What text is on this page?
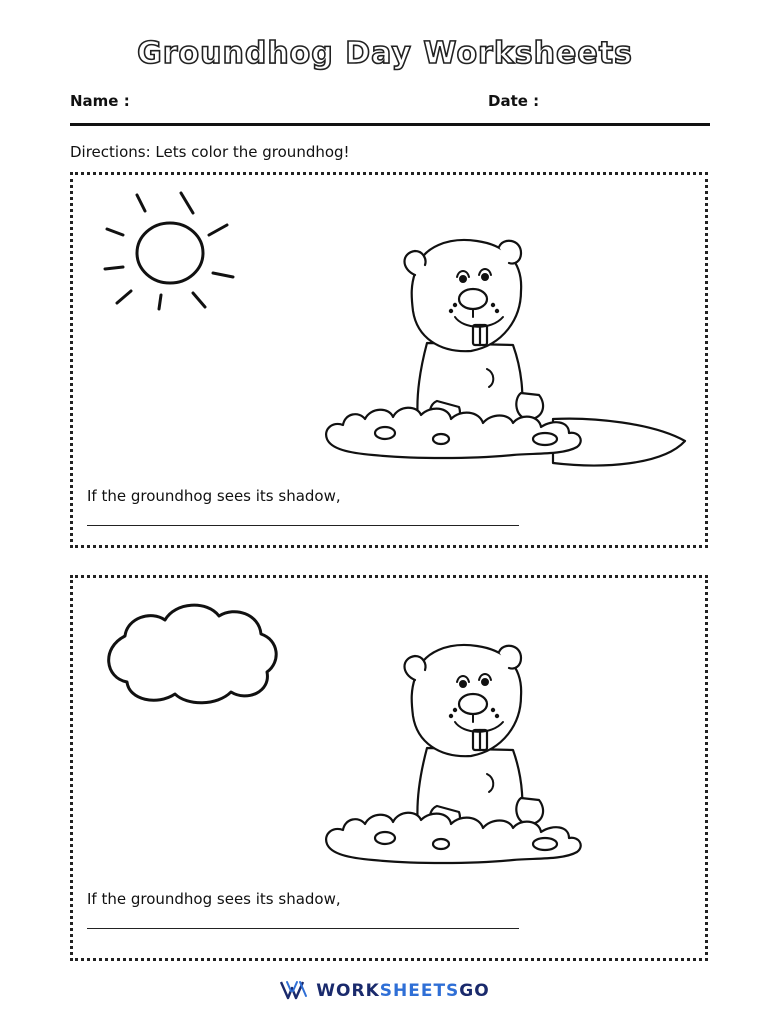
Groundhog Day Worksheets
Name :	Date :
Directions: Lets color the groundhog!
If the groundhog sees its shadow,
If the groundhog sees its shadow,
WORKSHEETSGO
